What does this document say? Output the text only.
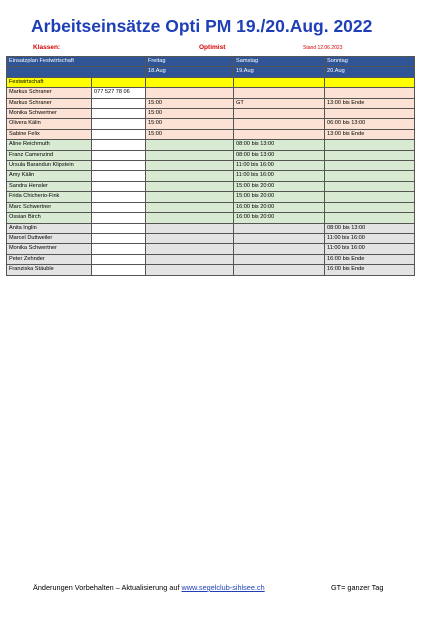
Arbeitseinsätze Opti PM 19./20.Aug. 2022
Klassen:	Optimist	Stand 12.06.2023
Einsatzplan Festwirtschaft		Freitag	Samstag	Sonntag
		18.Aug	19.Aug	20.Aug
Festwirtschaft				
Markus Schraner	077 527 78 06			
Markus Schraner		15:00	GT	13:00 bis Ende
Monika Schwertner		15:00		
Olivera Kälin		15:00		06:00 bis 13:00
Sabine Felix		15:00		13:00 bis Ende
Aline Reichmuth			08:00 bis 13:00	
Franz Camenzind			08:00 bis 13:00	
Ursula Barandun Klipstein			11:00 bis 16:00	
Amy Kälin			11:00 bis 16:00	
Sandra Hensler			15:00 bis 20:00	
Frida Chicherio-Fink			15:00 bis 20:00	
Marc Schwertner			16:00 bis 20:00	
Ossian Birch			16:00 bis 20:00	
Anita Inglin				08:00 bis 13:00
Marcel Duttweiler				11:00 bis 16:00
Monika Schwertner				11:00 bis 16:00
Peter Zehnder				16:00 bis Ende
Franziska Stäuble				16:00 bis Ende
Änderungen Vorbehalten – Aktualisierung auf www.segelclub-sihlsee.ch	GT= ganzer Tag
